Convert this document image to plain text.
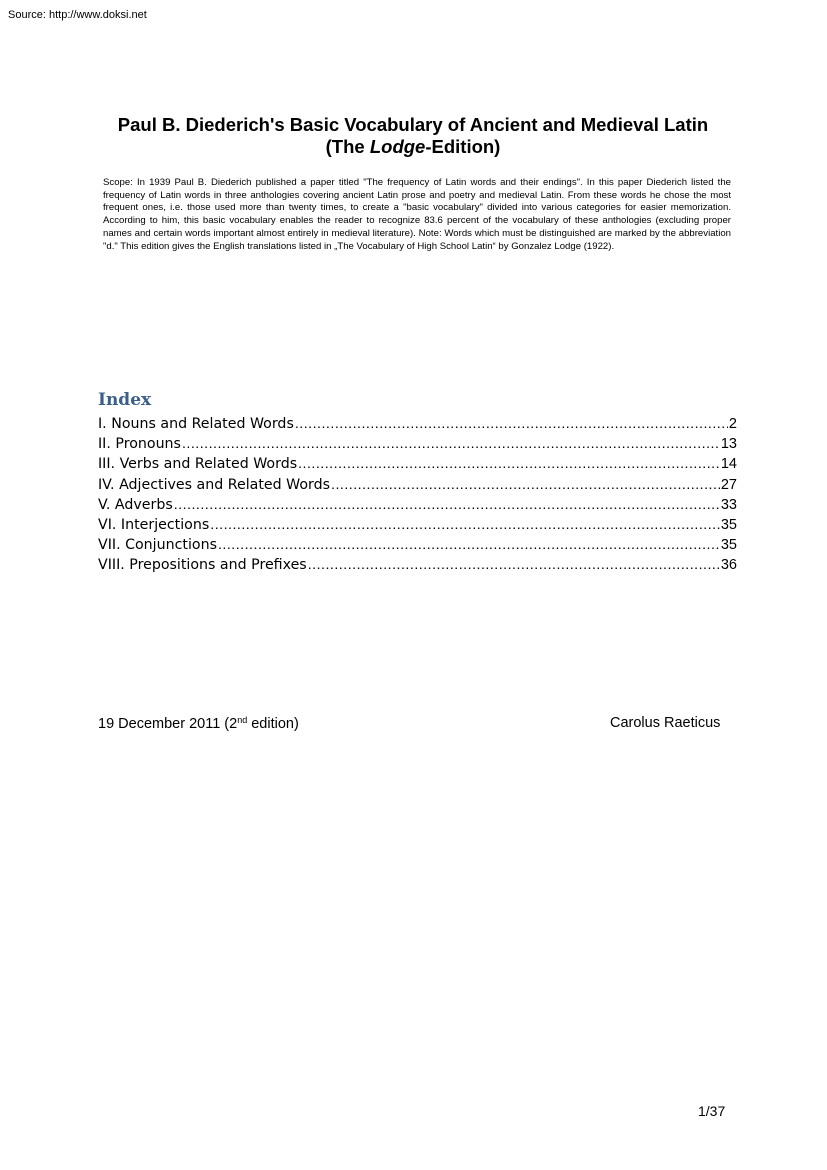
Source: http://www.doksi.net
Paul B. Diederich's Basic Vocabulary of Ancient and Medieval Latin
(The Lodge-Edition)
Scope: In 1939 Paul B. Diederich published a paper titled "The frequency of Latin words and their endings". In this paper Diederich listed the frequency of Latin words in three anthologies covering ancient Latin prose and poetry and medieval Latin. From these words he chose the most frequent ones, i.e. those used more than twenty times, to create a "basic vocabulary" divided into various categories for easier memorization. According to him, this basic vocabulary enables the reader to recognize 83.6 percent of the vocabulary of these anthologies (excluding proper names and certain words important almost entirely in medieval literature). Note: Words which must be distinguished are marked by the abbreviation "d." This edition gives the English translations listed in „The Vocabulary of High School Latin“ by Gonzalez Lodge (1922).
Index
I. Nouns and Related Words .....	2
II. Pronouns .....	13
III. Verbs and Related Words .....	14
IV. Adjectives and Related Words .....	27
V. Adverbs .....	33
VI. Interjections .....	35
VII. Conjunctions .....	35
VIII. Prepositions and Prefixes .....	36
19 December 2011 (2nd edition)	Carolus Raeticus
1/37
